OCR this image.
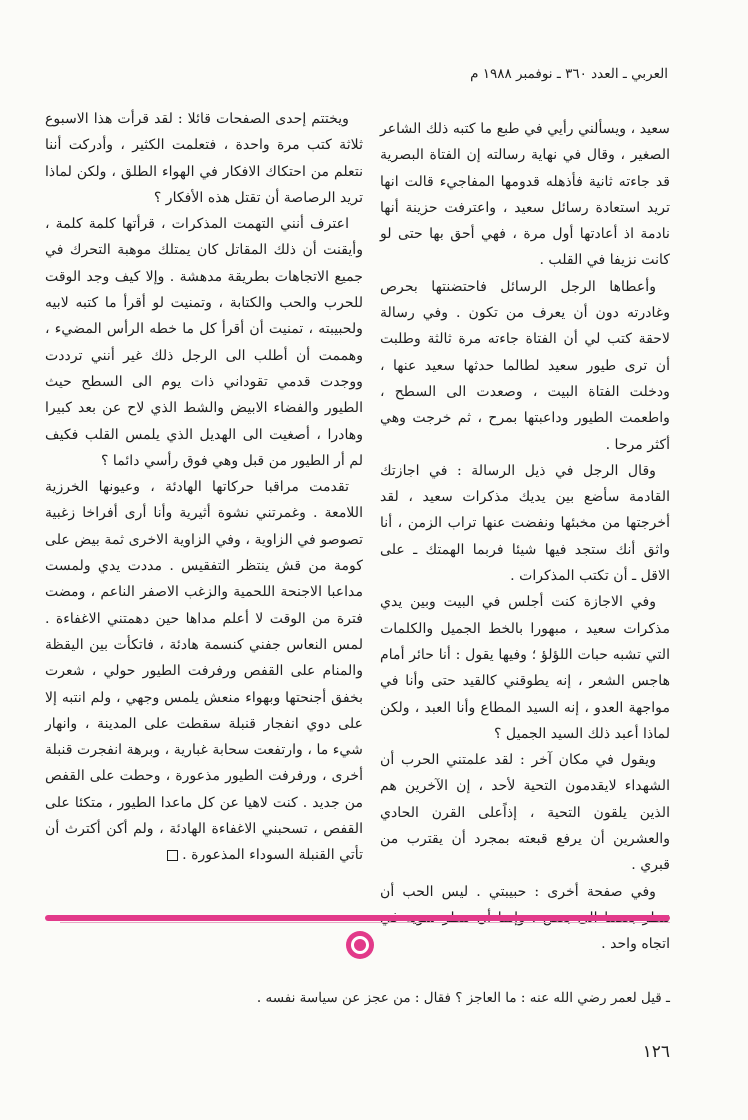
العربي ـ العدد ٣٦٠ ـ نوفمبر ١٩٨٨ م

سعيد ، ويسألني رأيي في طبع ما كتبه ذلك الشاعر الصغير ، وقال في نهاية رسالته إن الفتاة البصرية قد جاءته ثانية فأذهله قدومها المفاجيء قالت انها تريد استعادة رسائل سعيد ، واعترفت حزينة أنها نادمة اذ أعادتها أول مرة ، فهي أحق بها حتى لو كانت نزيفا في القلب .

وأعطاها الرجل الرسائل فاحتضنتها بحرص وغادرته دون أن يعرف من تكون . وفي رسالة لاحقة كتب لي أن الفتاة جاءته مرة ثالثة وطلبت أن ترى طيور سعيد لطالما حدثها سعيد عنها ، ودخلت الفتاة البيت ، وصعدت الى السطح ، واطعمت الطيور وداعبتها بمرح ، ثم خرجت وهي أكثر مرحا .

وقال الرجل في ذيل الرسالة : في اجازتك القادمة سأضع بين يديك مذكرات سعيد ، لقد أخرجتها من مخبئها ونفضت عنها تراب الزمن ، أنا واثق أنك ستجد فيها شيئا فربما الهمتك ـ على الاقل ـ أن تكتب المذكرات .

وفي الاجازة كنت أجلس في البيت وبين يدي مذكرات سعيد ، مبهورا بالخط الجميل والكلمات التي تشبه حبات اللؤلؤ ؛ وفيها يقول : أنا حائر أمام هاجس الشعر ، إنه يطوقني كالقيد حتى وأنا في مواجهة العدو ، إنه السيد المطاع وأنا العبد ، ولكن لماذا أعبد ذلك السيد الجميل ؟

ويقول في مكان آخر : لقد علمتني الحرب أن الشهداء لايقدمون التحية لأحد ، إن الآخرين هم الذين يلقون التحية ، إذاًعلى القرن الحادي والعشرين أن يرفع قبعته بمجرد أن يقترب من قبري .

وفي صفحة أخرى : حبيبتي . ليس الحب أن اتجاه واحد .

ويختتم إحدى الصفحات قائلا : لقد قرأت هذا الاسبوع ثلاثة كتب مرة واحدة ، فتعلمت الكثير ، وأدركت أننا نتعلم من احتكاك الافكار في الهواء الطلق ، ولكن لماذا تريد الرصاصة أن تقتل هذه الأفكار ؟

اعترف أنني التهمت المذكرات ، قرأتها كلمة كلمة ، وأيقنت أن ذلك المقاتل كان يمتلك موهبة التحرك في جميع الاتجاهات بطريقة مدهشة . وإلا كيف وجد الوقت للحرب والحب والكتابة ، وتمنيت لو أقرأ ما كتبه لابيه ولحبيبته ، تمنيت أن أقرأ كل ما خطه الرأس المضيء ، وهممت أن أطلب الى الرجل ذلك غير أنني ترددت ووجدت قدمي تقوداني ذات يوم الى السطح حيث الطيور والفضاء الابيض والشط الذي لاح عن بعد كبيرا وهادرا ، أصغيت الى الهديل الذي يلمس القلب فكيف لم أر الطيور من قبل وهي فوق رأسي دائما ؟

تقدمت مراقبا حركاتها الهادئة ، وعيونها الخرزية اللامعة . وغمرتني نشوة أثيرية وأنا أرى أفراخا زغبية تصوصو في الزاوية ، وفي الزاوية الاخرى ثمة بيض على كومة من قش ينتظر التفقيس . مددت يدي ولمست مداعبا الاجنحة اللحمية والزغب الاصفر الناعم ، ومضت فترة من الوقت لا أعلم مداها حين دهمتني الاغفاءة . لمس النعاس جفني كنسمة هادئة ، فاتكأت بين اليقظة والمنام على القفص ورفرفت الطيور حولي ، شعرت بخفق أجنحتها وبهواء منعش يلمس وجهي ، ولم انتبه إلا على دوي انفجار قنبلة سقطت على المدينة ، وانهار شيء ما ، وارتفعت سحابة غبارية ، وبرهة انفجرت قنبلة أخرى ، ورفرفت الطيور مذعورة ، وحطت على القفص من جديد . كنت لاهيا عن كل ماعدا الطيور ، متكئا على القفص ، تسحبني الاغفاءة الهادئة ، ولم أكن أكترث أن تأتي القنبلة السوداء المذعورة .

ـ قيل لعمر رضي الله عنه : ما العاجز ؟ فقال : من عجز عن سياسة نفسه .
١٢٦
